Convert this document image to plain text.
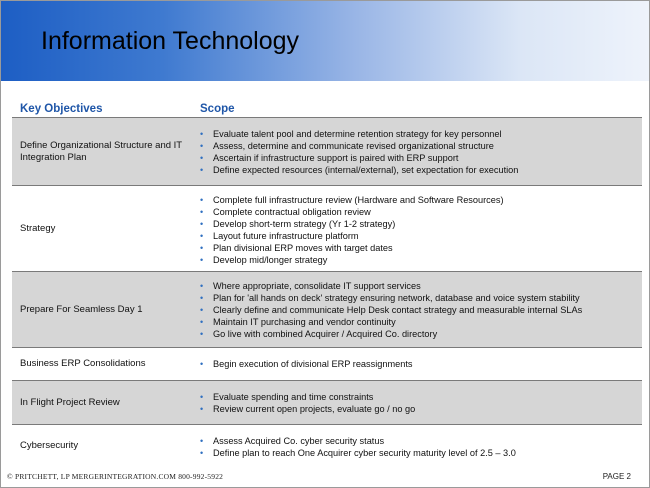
Information Technology
Key Objectives	Scope
Define Organizational Structure and IT Integration Plan
• Evaluate talent pool and determine retention strategy for key personnel
• Assess, determine and communicate revised organizational structure
• Ascertain if infrastructure support is paired with ERP support
• Define expected resources (internal/external), set expectation for execution
Strategy
• Complete full infrastructure review (Hardware and Software Resources)
• Complete contractual obligation review
• Develop short-term strategy (Yr 1-2 strategy)
• Layout future infrastructure platform
• Plan divisional ERP moves with target dates
• Develop mid/longer strategy
Prepare For Seamless Day 1
• Where appropriate, consolidate IT support services
• Plan for 'all hands on deck' strategy ensuring network, database and voice system stability
• Clearly define and communicate Help Desk contact strategy and measurable internal SLAs
• Maintain IT purchasing and vendor continuity
• Go live with combined Acquirer / Acquired Co. directory
Business ERP Consolidations	• Begin execution of divisional ERP reassignments
In Flight Project Review	• Evaluate spending and time constraints
• Review current open projects, evaluate go / no go
Cybersecurity	• Assess Acquired Co. cyber security status
• Define plan to reach One Acquirer cyber security maturity level of 2.5 – 3.0
© PRITCHETT, LP MERGERINTEGRATION.COM 800-992-5922	PAGE 2
